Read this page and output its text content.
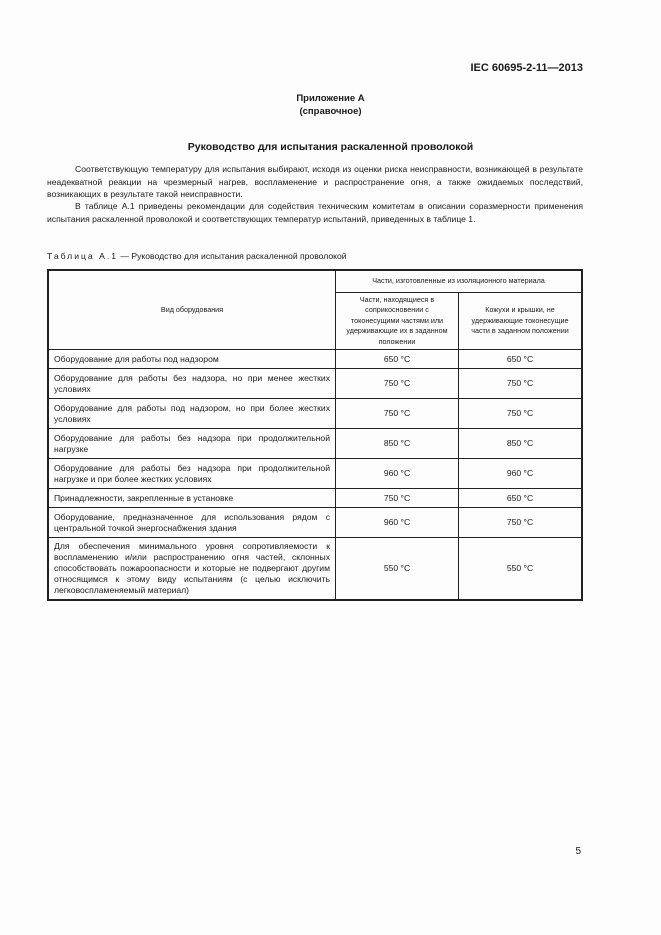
IEC 60695-2-11—2013
Приложение А
(справочное)
Руководство для испытания раскаленной проволокой
Соответствующую температуру для испытания выбирают, исходя из оценки риска неисправности, возникающей в результате неадекватной реакции на чрезмерный нагрев, воспламенение и распространение огня, а также ожидаемых последствий, возникающих в результате такой неисправности.
В таблице А.1 приведены рекомендации для содействия техническим комитетам в описании соразмерности применения испытания раскаленной проволокой и соответствующих температур испытаний, приведенных в таблице 1.
Таблица А.1 — Руководство для испытания раскаленной проволокой
Вид оборудования	Части, изготовленные из изоляционного материала	
	Части, находящиеся в соприкосновении с токонесущими частями или удерживающие их в заданном положении	Кожухи и крышки, не удерживающие токонесущие части в заданном положении
Оборудование для работы под надзором	650 °С	650 °С
Оборудование для работы без надзора, но при менее жестких условиях	750 °С	750 °С
Оборудование для работы под надзором, но при более жестких условиях	750 °С	750 °С
Оборудование для работы без надзора при продолжительной нагрузке	850 °С	850 °С
Оборудование для работы без надзора при продолжительной нагрузке и при более жестких условиях	960 °С	960 °С
Принадлежности, закрепленные в установке	750 °С	650 °С
Оборудование, предназначенное для использования рядом с центральной точкой энергоснабжения здания	960 °С	750 °С
Для обеспечения минимального уровня сопротивляемости к воспламенению и/или распространению огня частей, склонных способствовать пожароопасности и которые не подвергают другим относящимся к этому виду испытаниям (с целью исключить легковоспламеняемый материал)	550 °С	550 °С
5
